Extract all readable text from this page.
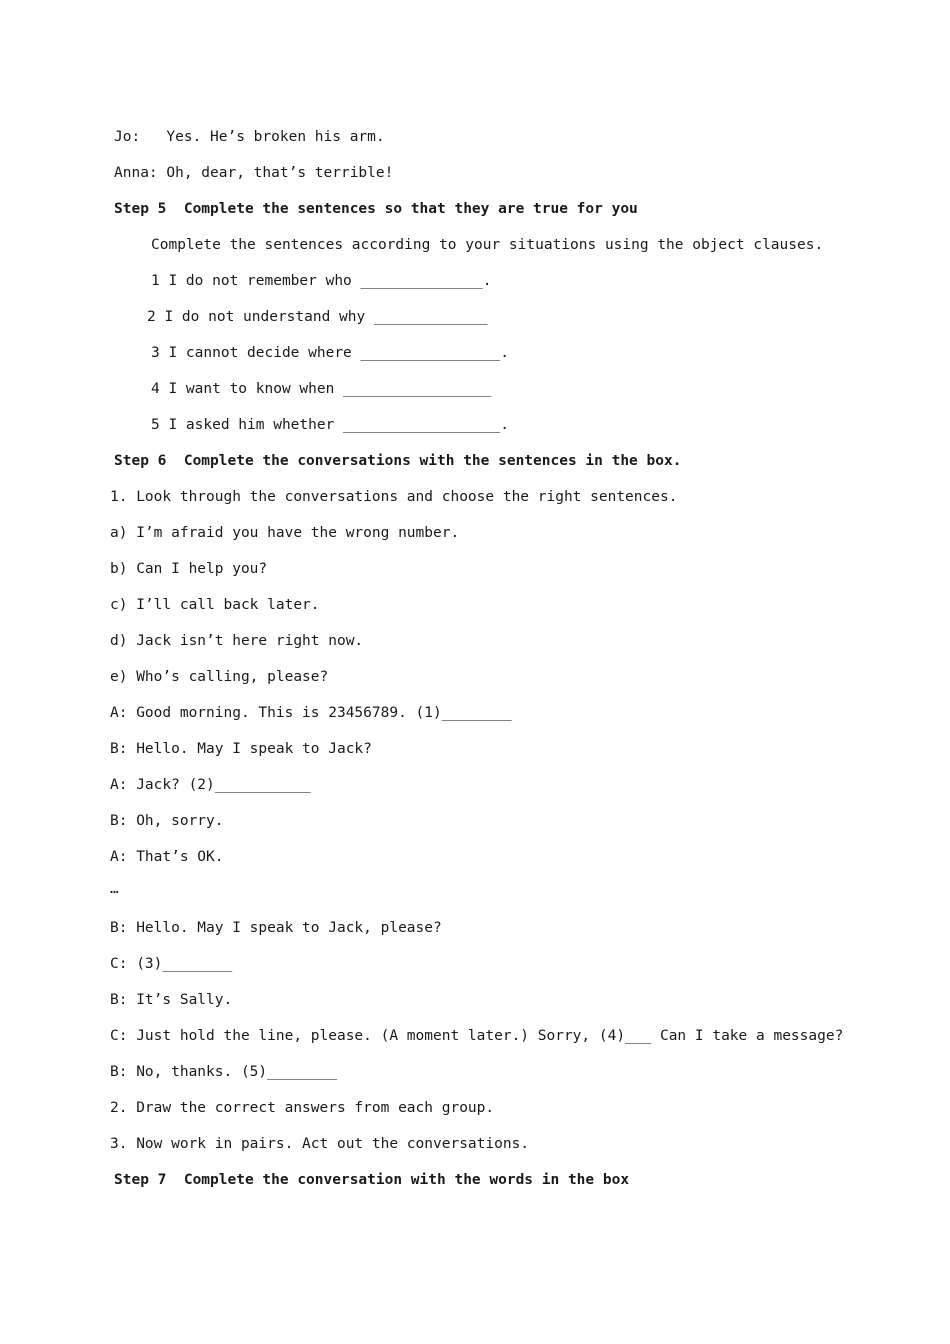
Jo:   Yes. He’s broken his arm.
Anna: Oh, dear, that’s terrible!
Step 5  Complete the sentences so that they are true for you
Complete the sentences according to your situations using the object clauses.
1 I do not remember who ______________.
2 I do not understand why _____________
3 I cannot decide where ________________.
4 I want to know when _________________
5 I asked him whether __________________.
Step 6  Complete the conversations with the sentences in the box.
1. Look through the conversations and choose the right sentences.
a) I’m afraid you have the wrong number.
b) Can I help you?
c) I’ll call back later.
d) Jack isn’t here right now.
e) Who’s calling, please?
A: Good morning. This is 23456789. (1)________
B: Hello. May I speak to Jack?
A: Jack? (2)___________
B: Oh, sorry.
A: That’s OK.
…
B: Hello. May I speak to Jack, please?
C: (3)________
B: It’s Sally.
C: Just hold the line, please. (A moment later.) Sorry, (4)___ Can I take a message?
B: No, thanks. (5)________
2. Draw the correct answers from each group.
3. Now work in pairs. Act out the conversations.
Step 7  Complete the conversation with the words in the box
